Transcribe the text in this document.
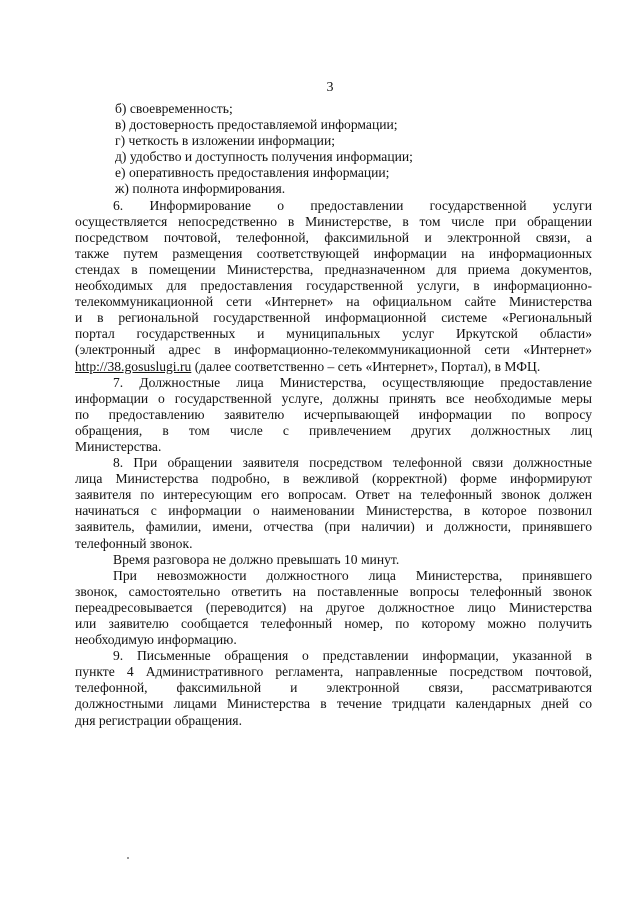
3
б) своевременность;
в) достоверность предоставляемой информации;
г) четкость в изложении информации;
д) удобство и доступность получения информации;
е) оперативность предоставления информации;
ж) полнота информирования.
6. Информирование о предоставлении государственной услуги
осуществляется непосредственно в Министерстве, в том числе при обращении
посредством почтовой, телефонной, факсимильной и электронной связи, а
также путем размещения соответствующей информации на информационных
стендах в помещении Министерства, предназначенном для приема документов,
необходимых для предоставления государственной услуги, в информационно-
телекоммуникационной сети «Интернет» на официальном сайте Министерства
и в региональной государственной информационной системе «Региональный
портал государственных и муниципальных услуг Иркутской области»
(электронный адрес в информационно-телекоммуникационной сети «Интернет»
http://38.gosuslugi.ru (далее соответственно – сеть «Интернет», Портал), в МФЦ.
7. Должностные лица Министерства, осуществляющие предоставление
информации о государственной услуге, должны принять все необходимые меры
по предоставлению заявителю исчерпывающей информации по вопросу
обращения, в том числе с привлечением других должностных лиц
Министерства.
8. При обращении заявителя посредством телефонной связи должностные
лица Министерства подробно, в вежливой (корректной) форме информируют
заявителя по интересующим его вопросам. Ответ на телефонный звонок должен
начинаться с информации о наименовании Министерства, в которое позвонил
заявитель, фамилии, имени, отчества (при наличии) и должности, принявшего
телефонный звонок.
Время разговора не должно превышать 10 минут.
При невозможности должностного лица Министерства, принявшего
звонок, самостоятельно ответить на поставленные вопросы телефонный звонок
переадресовывается (переводится) на другое должностное лицо Министерства
или заявителю сообщается телефонный номер, по которому можно получить
необходимую информацию.
9. Письменные обращения о представлении информации, указанной в
пункте 4 Административного регламента, направленные посредством почтовой,
телефонной, факсимильной и электронной связи, рассматриваются
должностными лицами Министерства в течение тридцати календарных дней со
дня регистрации обращения.
